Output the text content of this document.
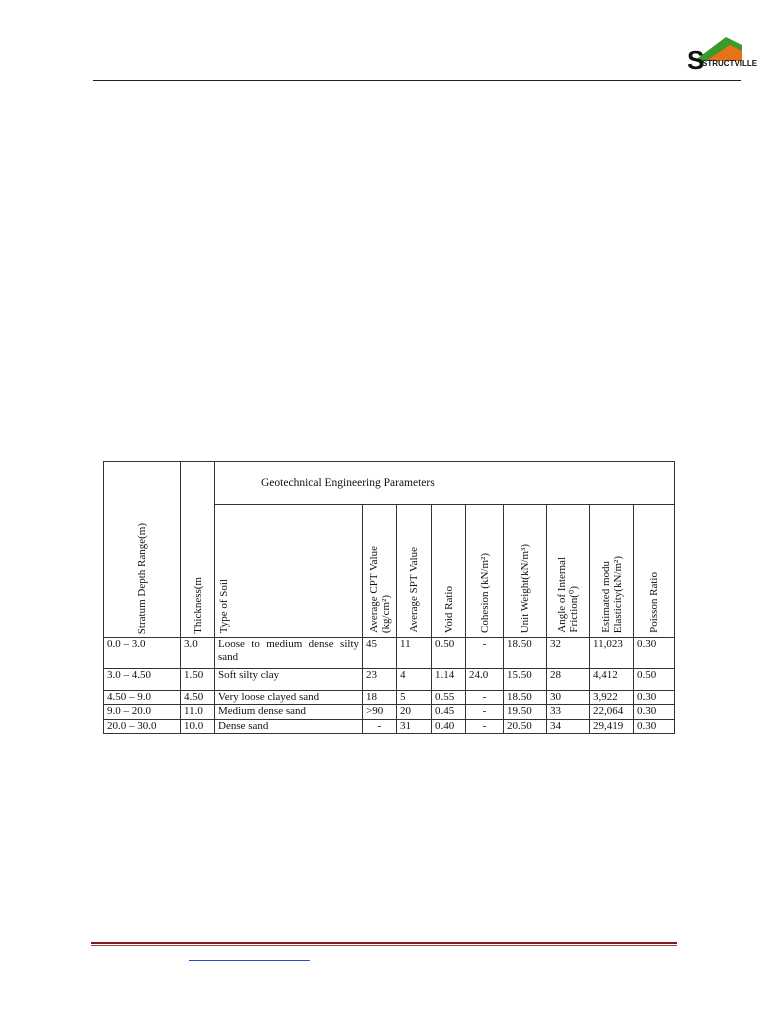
S
STRUCTVILLE
Stratum Depth Range(m)	Thickness(m	Geotechnical Engineering Parameters								

		Type of Soil	Average CPT Value (kg/cm²)	Average SPT Value	Void Ratio	Cohesion (kN/m²)	Unit Weight(kN/m³)	Angle of Internal Friction(⁰)	Estimated modu Elasticity(kN/m²)	Poisson Ratio

0.0 – 3.0	3.0	Loose to medium dense silty sand	45	11	0.50	-	18.50	32	11,023	0.30
3.0 – 4.50	1.50	Soft silty clay	23	4	1.14	24.0	15.50	28	4,412	0.50
4.50 – 9.0	4.50	Very loose clayed sand	18	5	0.55	-	18.50	30	3,922	0.30
9.0 – 20.0	11.0	Medium dense sand	>90	20	0.45	-	19.50	33	22,064	0.30
20.0 – 30.0	10.0	Dense sand	-	31	0.40	-	20.50	34	29,419	0.30
